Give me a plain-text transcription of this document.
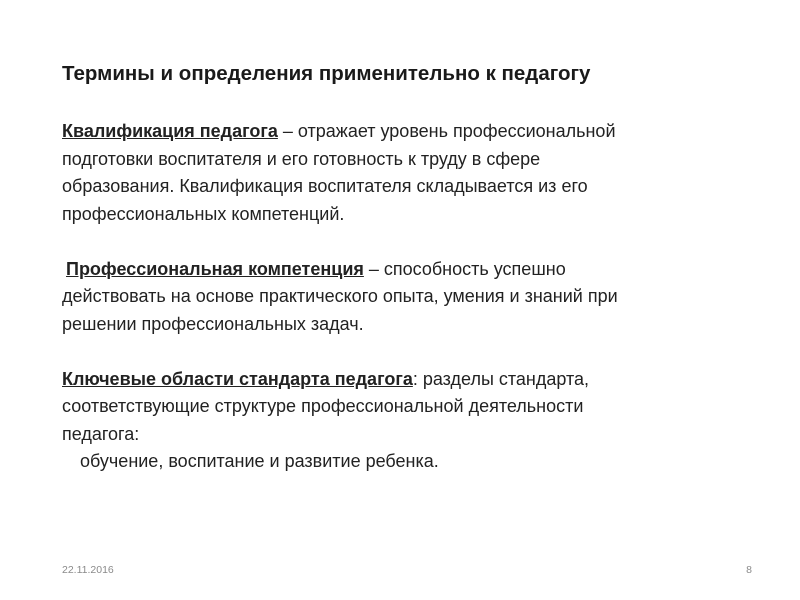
Термины и определения применительно к педагогу
Квалификация педагога – отражает уровень профессиональной
подготовки воспитателя и его готовность к труду в сфере
образования. Квалификация воспитателя складывается из его
профессиональных компетенций.
Профессиональная компетенция – способность успешно
действовать на основе практического опыта, умения и знаний при
решении профессиональных задач.
Ключевые области стандарта педагога: разделы стандарта,
соответствующие структуре профессиональной деятельности
педагога:
обучение, воспитание и развитие ребенка.
22.11.2016	8
